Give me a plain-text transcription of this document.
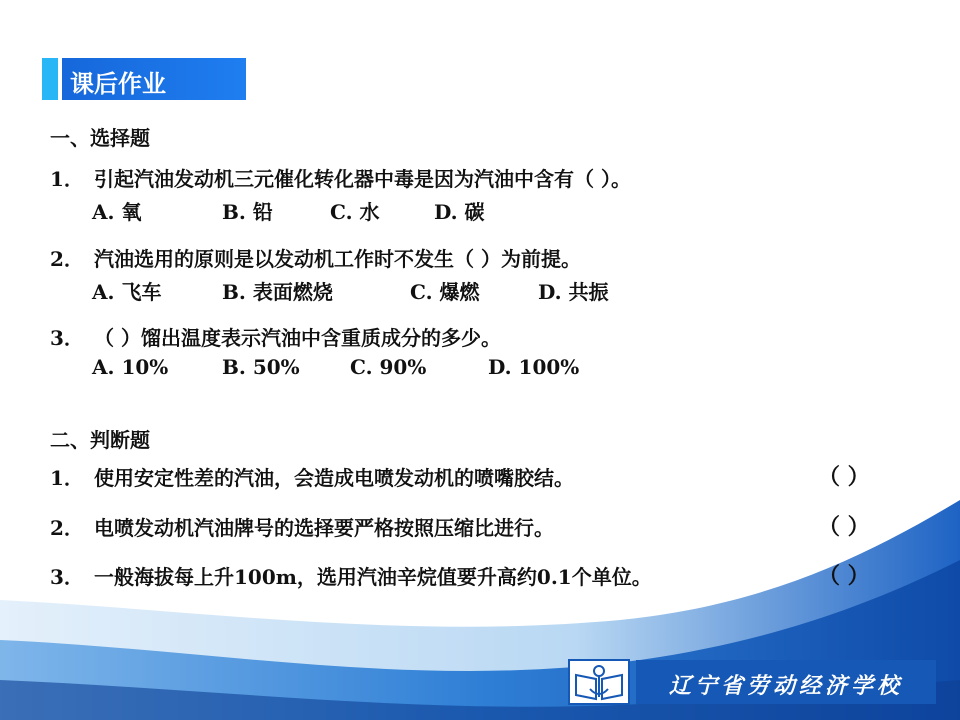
课后作业
一、选择题
1． 引起汽油发动机三元催化转化器中毒是因为汽油中含有（ ）。
A. 氧	B. 铅	C. 水	D. 碳
2． 汽油选用的原则是以发动机工作时不发生（ ）为前提。
A. 飞车	B. 表面燃烧	C. 爆燃	D. 共振
3． （ ）馏出温度表示汽油中含重质成分的多少。
A. 10%	B. 50%	C. 90%	D. 100%
二、判断题
1． 使用安定性差的汽油，会造成电喷发动机的喷嘴胶结。	（ ）
2． 电喷发动机汽油牌号的选择要严格按照压缩比进行。	（ ）
3． 一般海拔每上升100m，选用汽油辛烷值要升高约0.1个单位。	（ ）
辽宁省劳动经济学校
